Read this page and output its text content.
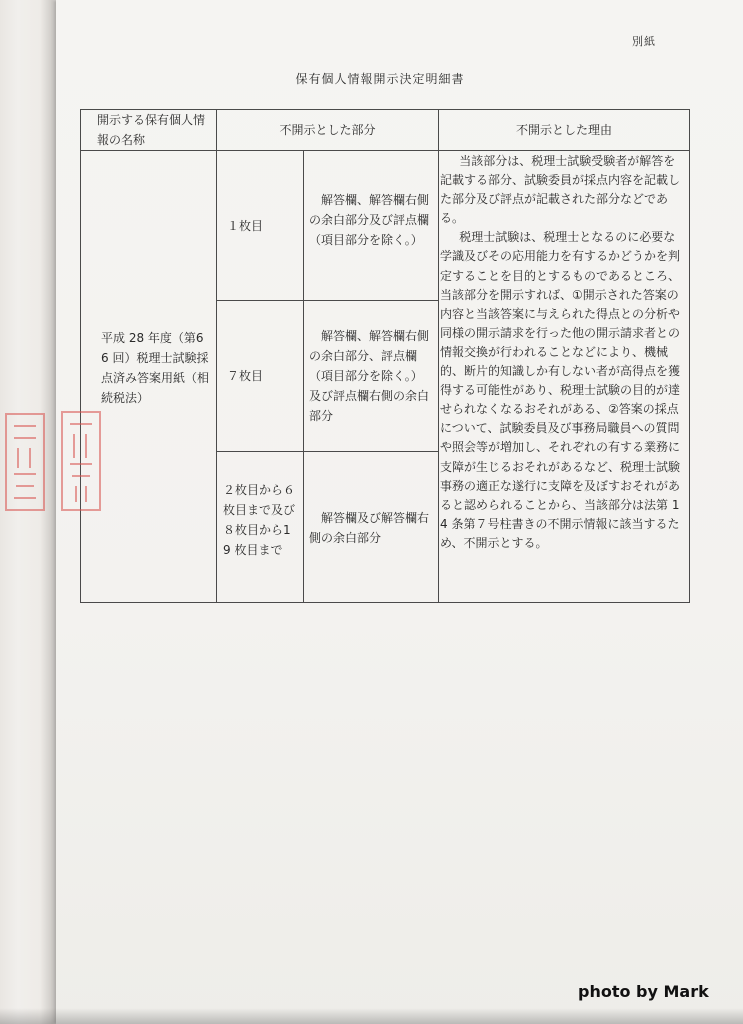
別紙
保有個人情報開示決定明細書
開示する保有個人情報の名称
不開示とした部分	不開示とした理由
平成 28 年度（第66 回）税理士試験採点済み答案用紙（相続税法）
１枚目
解答欄、解答欄右側の余白部分及び評点欄（項目部分を除く。）
７枚目
解答欄、解答欄右側の余白部分、評点欄（項目部分を除く。）及び評点欄右側の余白部分
２枚目から６枚目まで及び８枚目から19 枚目まで
解答欄及び解答欄右側の余白部分

当該部分は、税理士試験受験者が解答を記載する部分、試験委員が採点内容を記載した部分及び評点が記載された部分などである。

税理士試験は、税理士となるのに必要な学識及びその応用能力を有するかどうかを判定することを目的とするものであるところ、当該部分を開示すれば、①開示された答案の内容と当該答案に与えられた得点との分析や同様の開示請求を行った他の開示請求者との情報交換が行われることなどにより、機械的、断片的知識しか有しない者が高得点を獲得する可能性があり、税理士試験の目的が達せられなくなるおそれがある、②答案の採点について、試験委員及び事務局職員への質問や照会等が増加し、それぞれの有する業務に支障が生じるおそれがあるなど、税理士試験事務の適正な遂行に支障を及ぼすおそれがあると認められることから、当該部分は法第 14 条第７号柱書きの不開示情報に該当するため、不開示とする。

photo by Mark
